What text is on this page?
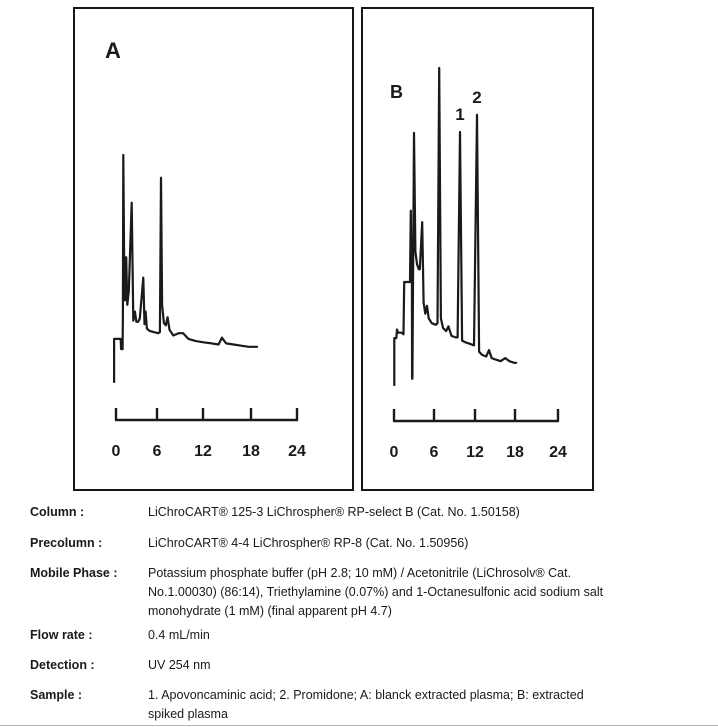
0 6 12 18 24
A
0 6 12 18 24
B
1
2
Column :	LiChroCART® 125-3 LiChrospher® RP-select B (Cat. No. 1.50158)
Precolumn :	LiChroCART® 4-4 LiChrospher® RP-8 (Cat. No. 1.50956)
Mobile Phase :	Potassium phosphate buffer (pH 2.8; 10 mM) / Acetonitrile (LiChrosolv® Cat.
No.1.00030) (86:14), Triethylamine (0.07%) and 1-Octanesulfonic acid sodium salt
monohydrate (1 mM) (final apparent pH 4.7)
Flow rate :	0.4 mL/min
Detection :	UV 254 nm
Sample :	1. Apovoncaminic acid; 2. Promidone; A: blanck extracted plasma; B: extracted
spiked plasma
